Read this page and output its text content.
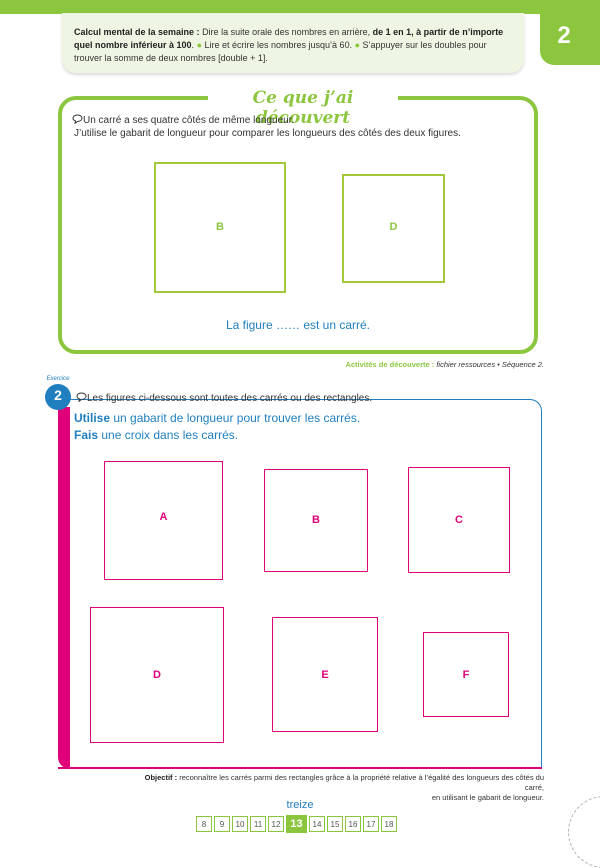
Calcul mental de la semaine : Dire la suite orale des nombres en arrière, de 1 en 1, à partir de n’importe quel nombre inférieur à 100. ● Lire et écrire les nombres jusqu’à 60. ● S’appuyer sur les doubles pour trouver la somme de deux nombres [double + 1].
2
Ce que j’ai découvert
Un carré a ses quatre côtés de même longueur.
J’utilise le gabarit de longueur pour comparer les longueurs des côtés des deux figures.
B	D
La figure …… est un carré.
Activités de découverte : fichier ressources • Séquence 2.
Exercice
2	Les figures ci-dessous sont toutes des carrés ou des rectangles.
Utilise un gabarit de longueur pour trouver les carrés.
Fais une croix dans les carrés.
A	B	C
D	E	F
Objectif : reconnaître les carrés parmi des rectangles grâce à la propriété relative à l’égalité des longueurs des côtés du carré,
en utilisant le gabarit de longueur.
treize
8	9	10	11	12 13	14	15	16	17	18
